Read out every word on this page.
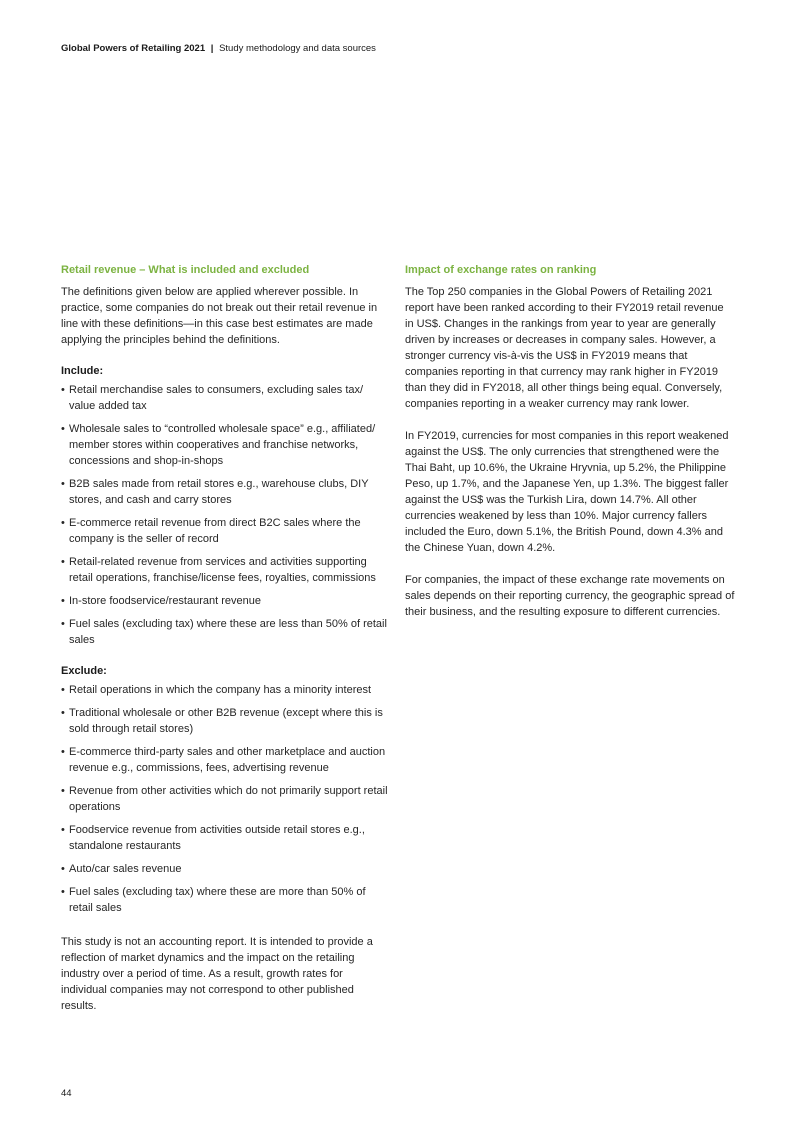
Global Powers of Retailing 2021 | Study methodology and data sources
Retail revenue – What is included and excluded

The definitions given below are applied wherever possible. In practice, some companies do not break out their retail revenue in line with these definitions—in this case best estimates are made applying the principles behind the definitions.

Include:
• Retail merchandise sales to consumers, excluding sales tax/ value added tax
• Wholesale sales to “controlled wholesale space” e.g., affiliated/ member stores within cooperatives and franchise networks, concessions and shop-in-shops
• B2B sales made from retail stores e.g., warehouse clubs, DIY stores, and cash and carry stores
• E-commerce retail revenue from direct B2C sales where the company is the seller of record
• Retail-related revenue from services and activities supporting retail operations, franchise/license fees, royalties, commissions
• In-store foodservice/restaurant revenue
• Fuel sales (excluding tax) where these are less than 50% of retail sales
Exclude:
• Retail operations in which the company has a minority interest
• Traditional wholesale or other B2B revenue (except where this is sold through retail stores)
• E-commerce third-party sales and other marketplace and auction revenue e.g., commissions, fees, advertising revenue
• Revenue from other activities which do not primarily support retail operations
• Foodservice revenue from activities outside retail stores e.g., standalone restaurants
• Auto/car sales revenue
• Fuel sales (excluding tax) where these are more than 50% of retail sales

This study is not an accounting report. It is intended to provide a reflection of market dynamics and the impact on the retailing industry over a period of time. As a result, growth rates for individual companies may not correspond to other published results.

Impact of exchange rates on ranking

The Top 250 companies in the Global Powers of Retailing 2021 report have been ranked according to their FY2019 retail revenue in US$. Changes in the rankings from year to year are generally driven by increases or decreases in company sales. However, a stronger currency vis-à-vis the US$ in FY2019 means that companies reporting in that currency may rank higher in FY2019 than they did in FY2018, all other things being equal. Conversely, companies reporting in a weaker currency may rank lower.

In FY2019, currencies for most companies in this report weakened against the US$. The only currencies that strengthened were the Thai Baht, up 10.6%, the Ukraine Hryvnia, up 5.2%, the Philippine Peso, up 1.7%, and the Japanese Yen, up 1.3%. The biggest faller against the US$ was the Turkish Lira, down 14.7%. All other currencies weakened by less than 10%. Major currency fallers included the Euro, down 5.1%, the British Pound, down 4.3% and the Chinese Yuan, down 4.2%.

For companies, the impact of these exchange rate movements on sales depends on their reporting currency, the geographic spread of their business, and the resulting exposure to different currencies.

44
